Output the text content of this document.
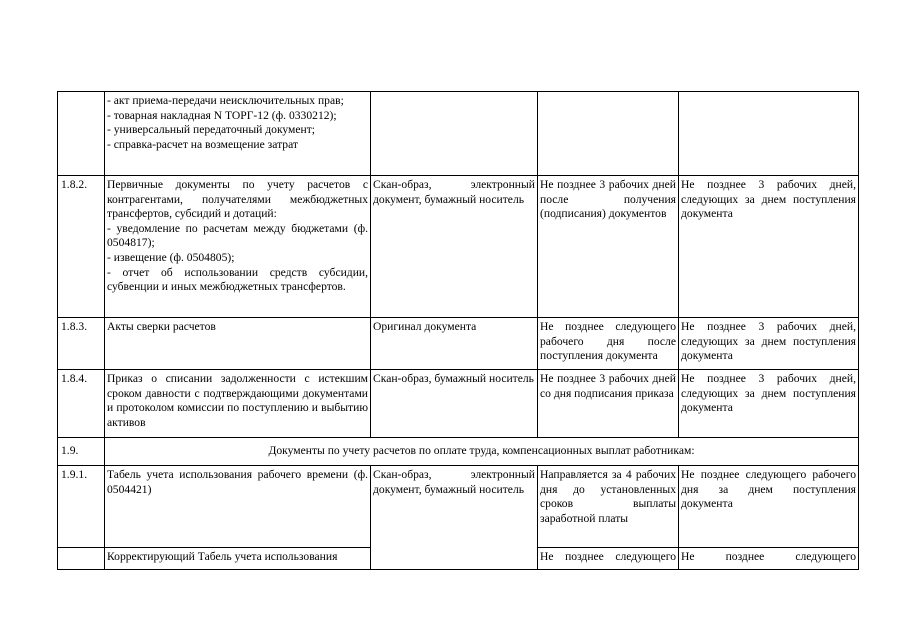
	- акт приема-передачи неисключительных прав;
- товарная накладная N ТОРГ-12 (ф. 0330212);
- универсальный передаточный документ;
- справка-расчет на возмещение затрат			

1.8.2.	Первичные документы по учету расчетов с контрагентами, получателями межбюджетных трансфертов, субсидий и дотаций:
- уведомление по расчетам между бюджетами (ф. 0504817);
- извещение (ф. 0504805);
- отчет об использовании средств субсидии, субвенции и иных межбюджетных трансфертов.	Скан-образ, электронный документ, бумажный носитель	Не позднее 3 рабочих дней после получения (подписания) документов	Не позднее 3 рабочих дней, следующих за днем поступления документа
1.8.3.	Акты сверки расчетов	Оригинал документа	Не позднее следующего рабочего дня после поступления документа	Не позднее 3 рабочих дней, следующих за днем поступления документа
1.8.4.	Приказ о списании задолженности с истекшим сроком давности с подтверждающими документами и протоколом комиссии по поступлению и выбытию активов	Скан-образ, бумажный носитель	Не позднее 3 рабочих дней со дня подписания приказа	Не позднее 3 рабочих дней, следующих за днем поступления документа
1.9.	Документы по учету расчетов по оплате труда, компенсационных выплат работникам:			
1.9.1.	Табель учета использования рабочего времени (ф. 0504421)	Скан-образ, электронный документ, бумажный носитель	Направляется за 4 рабочих дня до установленных сроков выплаты заработной платы	Не позднее следующего рабочего дня за днем поступления документа
	Корректирующий Табель учета использования		Не позднее следующего	Не позднее следующего
